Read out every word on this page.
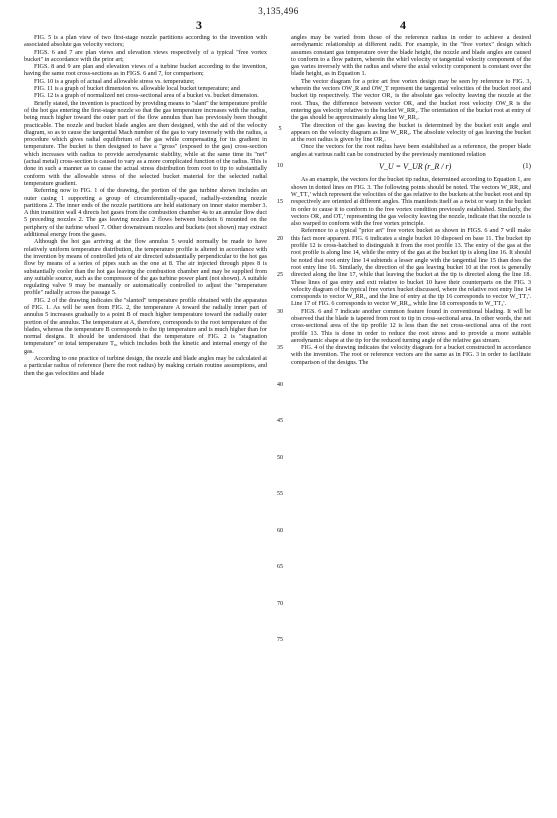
3,135,496
3	4

FIG. 5 is a plan view of two first-stage nozzle partitions according to the invention with associated absolute gas velocity vectors;

FIGS. 6 and 7 are plan views and elevation views respectively of a typical "free vortex bucket" in accordance with the prior art;

FIGS. 8 and 9 are plan and elevation views of a turbine bucket according to the invention, having the same root cross-sections as in FIGS. 6 and 7, for comparison;

FIG. 10 is a graph of actual and allowable stress vs. temperature;

FIG. 11 is a graph of bucket dimension vs. allowable local bucket temperature; and

FIG. 12 is a graph of normalized net cross-sectional area of a bucket vs. bucket dimension.

Briefly stated, the invention is practiced by providing means to "slant" the temperature profile of the hot gas entering the first-stage nozzle so that the gas temperature increases with the radius, being much higher toward the outer part of the flow annulus than has previously been thought practicable. The nozzle and bucket blade angles are then designed, with the aid of the velocity diagram, so as to cause the tangential Mach number of the gas to vary inversely with the radius, a procedure which gives radial equilibrium of the gas while compensating for its gradient in temperature. The bucket is then designed to have a "gross" (exposed to the gas) cross-section which increases with radius to provide aerodynamic stability, while at the same time its "net" (actual metal) cross-section is caused to vary as a more complicated function of the radius. This is done in such a manner as to cause the actual stress distribution from root to tip to substantially conform with the allowable stress of the selected bucket material for the selected radial temperature gradient.

Referring now to FIG. 1 of the drawing, the portion of the gas turbine shown includes an outer casing 1 supporting a group of circumferentially-spaced, radially-extending nozzle partitions 2. The inner ends of the nozzle partitions are held stationary on inner stator member 3. A thin transition wall 4 directs hot gases from the combustion chamber 4a to an annular flow duct 5 preceding nozzles 2. The gas leaving nozzles 2 flows between buckets 6 mounted on the periphery of the turbine wheel 7. Other downstream nozzles and buckets (not shown) may extract additional energy from the gases.

Although the hot gas arriving at the flow annulus 5 would normally be made to have relatively uniform temperature distribution, the temperature profile is altered in accordance with the invention by means of controlled jets of air directed substantially perpendicular to the hot gas flow by means of a series of pipes such as the one at 8. The air injected through pipes 8 is substantially cooler than the hot gas leaving the combustion chamber and may be supplied from any suitable source, such as the compressor of the gas turbine power plant (not shown). A suitable regulating valve 9 may be manually or automatically controlled to adjust the "temperature profile" radially across the passage 5.

FIG. 2 of the drawing indicates the "slanted" temperature profile obtained with the apparatus of FIG. 1. As will be seen from FIG. 2, the temperature A toward the radially inner part of annulus 5 increases gradually to a point B of much higher temperature toward the radially outer portion of the annulus. The temperature at A, therefore, corresponds to the root temperature of the blades, whereas the temperature B corresponds to the tip temperature and is much higher than for normal designs. It should be understood that the temperature of FIG. 2 is "stagnation temperature" or total temperature T₀, which includes both the kinetic and internal energy of the gas.

According to one practice of turbine design, the nozzle and blade angles may be calculated at a particular radius of reference (here the root radius) by making certain routine assumptions, and then the gas velocities and blade

5
10
15
20
25
30
35
40
45
50
55
60
65
70
75

angles may be varied from those of the reference radius in order to achieve a desired aerodynamic relationship at different radii. For example, in the "free vortex" design which assumes constant gas temperature over the blade height, the nozzle and blade angles are caused to conform to a flow pattern, wherein the whirl velocity or tangential velocity component of the gas varies inversely with the radius and where the axial velocity component is constant over the blade height, as in Equation 1.

The vector diagram for a prior art free vortex design may be seen by reference to FIG. 3, wherein the vectors OW_R and OW_T represent the tangential velocities of the bucket root and bucket tip respectively. The vector OR₁ is the absolute gas velocity leaving the nozzle at the root. Thus, the difference between vector OR₁ and the bucket root velocity OW_R is the entering gas velocity relative to the bucket W_RR₁. The orientation of the bucket root at entry of the gas should be approximately along line W_RR₁.

The direction of the gas leaving the bucket is determined by the bucket exit angle and appears on the velocity diagram as line W_RR₂. The absolute velocity of gas leaving the bucket at the root radius is given by line OR₂.

Once the vectors for the root radius have been established as a reference, the proper blade angles at various radii can be constructed by the previously mentioned relation

V_U = V_UR (r_R / r)	(1)

As an example, the vectors for the bucket tip radius, determined according to Equation 1, are shown in dotted lines on FIG. 3. The following points should be noted. The vectors W_RR₁ and W_TT₁' which represent the velocities of the gas relative to the buckets at the bucket root and tip respectively are oriented at different angles. This manifests itself as a twist or warp in the bucket in order to cause it to conform to the free vortex condition previously established. Similarly, the vectors OR₁ and OT₁' representing the gas velocity leaving the nozzle, indicate that the nozzle is also warped to conform with the free vortex principle.

Reference to a typical "prior art" free vortex bucket as shown in FIGS. 6 and 7 will make this fact more apparent. FIG. 6 indicates a single bucket 10 disposed on base 11. The bucket tip profile 12 is cross-hatched to distinguish it from the root profile 13. The entry of the gas at the root profile is along line 14, while the entry of the gas at the bucket tip is along line 16. It should be noted that root entry line 14 subtends a lesser angle with the tangential line 15 than does the root entry line 16. Similarly, the direction of the gas leaving bucket 10 at the root is generally directed along the line 17, while that leaving the bucket at the tip is directed along the line 18. These lines of gas entry and exit relative to bucket 10 have their counterparts on the FIG. 3 velocity diagram of the typical free vortex bucket discussed, where the relative root entry line 14 corresponds to vector W_RR₁, and the line of entry at the tip 16 corresponds to vector W_TT₁'. Line 17 of FIG. 6 corresponds to vector W_RR₂, while line 18 corresponds to W_TT₂'.

FIGS. 6 and 7 indicate another common feature found in conventional blading. It will be observed that the blade is tapered from root to tip in cross-sectional area. In other words, the net cross-sectional area of the tip profile 12 is less than the net cross-sectional area of the root profile 13. This is done in order to reduce the root stress and to provide a more suitable aerodynamic shape at the tip for the reduced turning angle of the relative gas stream.

FIG. 4 of the drawing indicates the velocity diagram for a bucket constructed in accordance with the invention. The root or reference vectors are the same as in FIG. 3 in order to facilitate comparison of the designs. The
